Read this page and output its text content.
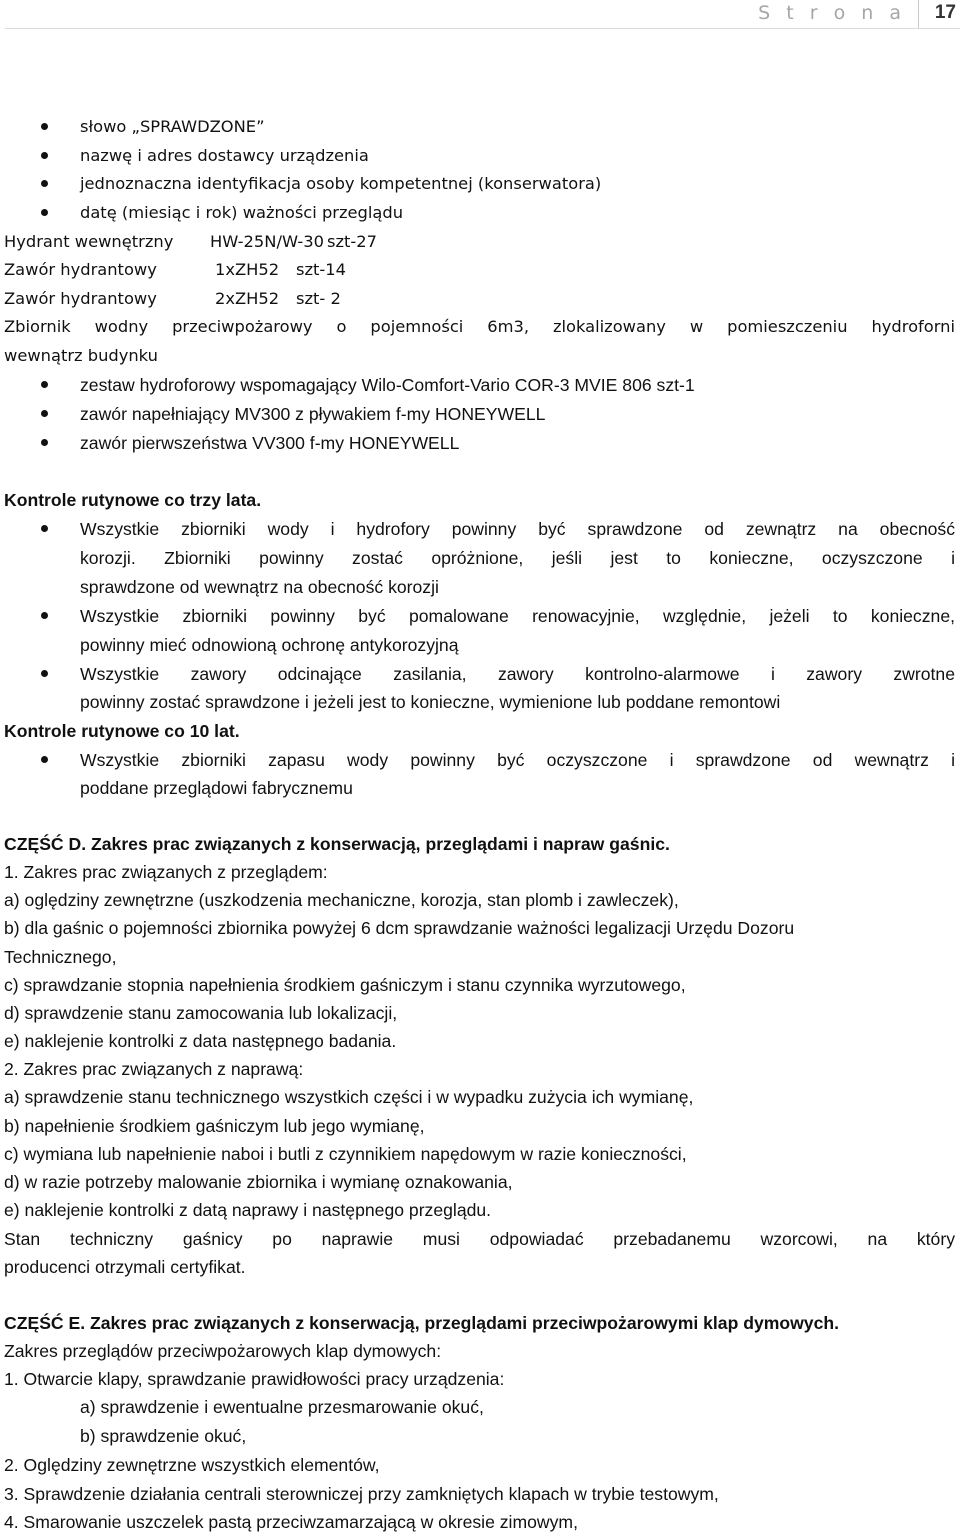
S t r o n a 17
słowo „SPRAWDZONE”
nazwę i adres dostawcy urządzenia
jednoznaczna identyfikacja osoby kompetentnej (konserwatora)
datę (miesiąc i rok) ważności przeglądu
Hydrant wewnętrzny HW-25N/W-30 szt-27
Zawór hydrantowy	1xZH52 szt-14
Zawór hydrantowy	2xZH52 szt- 2
Zbiornik wodny przeciwpożarowy o pojemności 6m3, zlokalizowany w pomieszczeniu hydroforni
wewnątrz budynku
zestaw hydroforowy wspomagający Wilo-Comfort-Vario COR-3 MVIE 806 szt-1
zawór napełniający MV300 z pływakiem f-my HONEYWELL
zawór pierwszeństwa VV300 f-my HONEYWELL
Kontrole rutynowe co trzy lata.
Wszystkie zbiorniki wody i hydrofory powinny być sprawdzone od zewnątrz na obecność
korozji. Zbiorniki powinny zostać opróżnione, jeśli jest to konieczne, oczyszczone i
sprawdzone od wewnątrz na obecność korozji
Wszystkie zbiorniki powinny być pomalowane renowacyjnie, względnie, jeżeli to konieczne,
powinny mieć odnowioną ochronę antykorozyjną
Wszystkie zawory odcinające zasilania, zawory kontrolno-alarmowe i zawory zwrotne
powinny zostać sprawdzone i jeżeli jest to konieczne, wymienione lub poddane remontowi
Kontrole rutynowe co 10 lat.
Wszystkie zbiorniki zapasu wody powinny być oczyszczone i sprawdzone od wewnątrz i
poddane przeglądowi fabrycznemu
CZĘŚĆ D. Zakres prac związanych z konserwacją, przeglądami i napraw gaśnic.
1. Zakres prac związanych z przeglądem:
a) oględziny zewnętrzne (uszkodzenia mechaniczne, korozja, stan plomb i zawleczek),
b) dla gaśnic o pojemności zbiornika powyżej 6 dcm sprawdzanie ważności legalizacji Urzędu Dozoru
Technicznego,
c) sprawdzanie stopnia napełnienia środkiem gaśniczym i stanu czynnika wyrzutowego,
d) sprawdzenie stanu zamocowania lub lokalizacji,
e) naklejenie kontrolki z data następnego badania.
2. Zakres prac związanych z naprawą:
a) sprawdzenie stanu technicznego wszystkich części i w wypadku zużycia ich wymianę,
b) napełnienie środkiem gaśniczym lub jego wymianę,
c) wymiana lub napełnienie naboi i butli z czynnikiem napędowym w razie konieczności,
d) w razie potrzeby malowanie zbiornika i wymianę oznakowania,
e) naklejenie kontrolki z datą naprawy i następnego przeglądu.
Stan techniczny gaśnicy po naprawie musi odpowiadać przebadanemu wzorcowi, na który
producenci otrzymali certyfikat.
CZĘŚĆ E. Zakres prac związanych z konserwacją, przeglądami przeciwpożarowymi klap dymowych.
Zakres przeglądów przeciwpożarowych klap dymowych:
1. Otwarcie klapy, sprawdzanie prawidłowości pracy urządzenia:
a) sprawdzenie i ewentualne przesmarowanie okuć,
b) sprawdzenie okuć,
2. Oględziny zewnętrzne wszystkich elementów,
3. Sprawdzenie działania centrali sterowniczej przy zamkniętych klapach w trybie testowym,
4. Smarowanie uszczelek pastą przeciwzamarzającą w okresie zimowym,
